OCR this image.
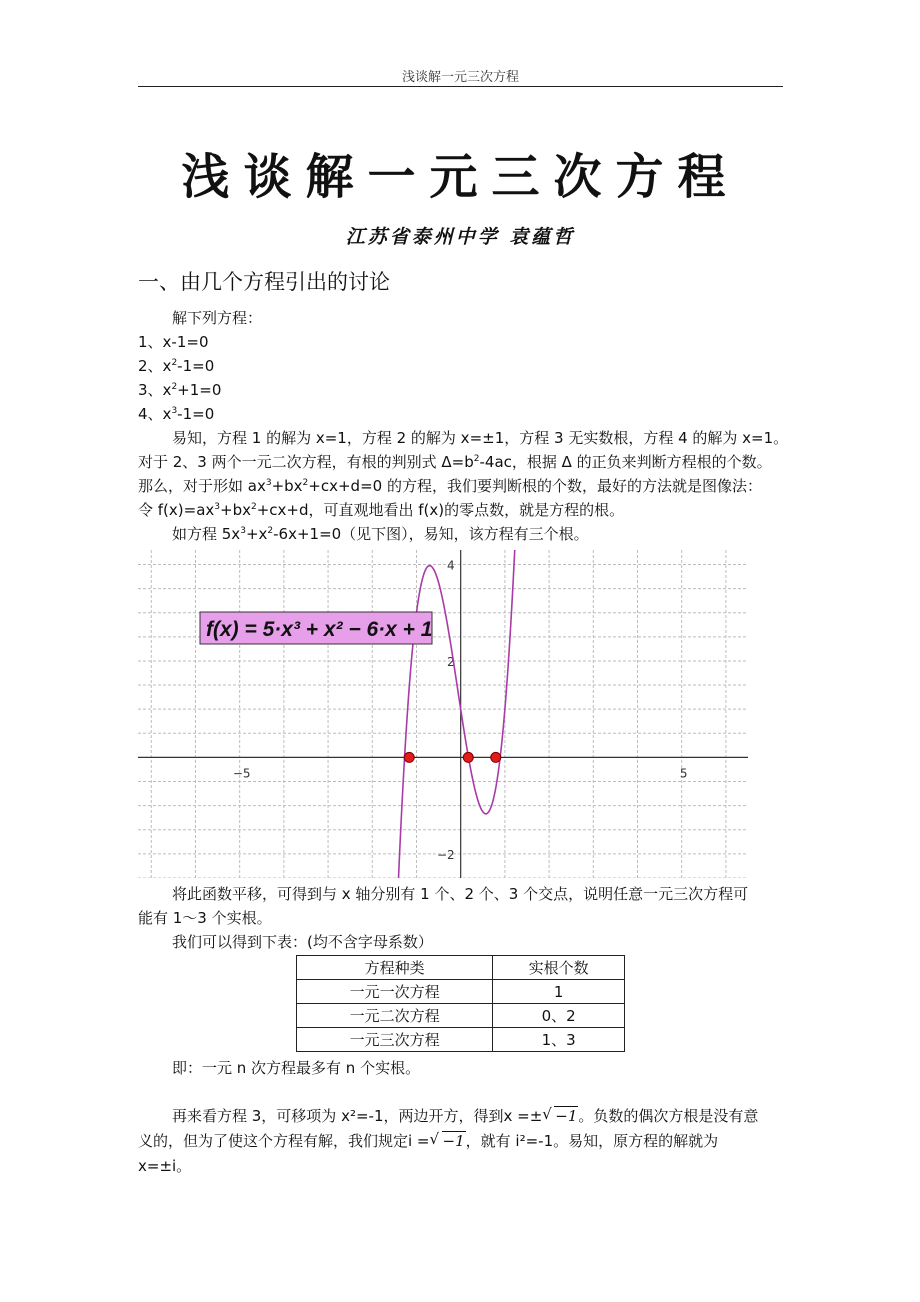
浅谈解一元三次方程
浅谈解一元三次方程
江苏省泰州中学 袁蕴哲
一、由几个方程引出的讨论
解下列方程：
1、x-1=0
2、$x^2-1=0$
3、$x^2+1=0$
4、$x^3-1=0$
易知，方程 1 的解为 x=1，方程 2 的解为 x=±1，方程 3 无实数根，方程 4 的解为 x=1。
对于 2、3 两个一元二次方程，有根的判别式 $\Delta=b^2-4ac$，根据 Δ 的正负来判断方程根的个数。
那么，对于形如 $ax^3+bx^2+cx+d=0$ 的方程，我们要判断根的个数，最好的方法就是图像法：
令 $f(x)=ax^3+bx^2+cx+d$，可直观地看出 f(x)的零点数，就是方程的根。
如方程 $5x^3+x^2-6x+1=0$（见下图），易知，该方程有三个根。
−5	5
4
2
−2
f(x) = 5·x³ + x² − 6·x + 1
将此函数平移，可得到与 x 轴分别有 1 个、2 个、3 个交点，说明任意一元三次方程可
能有 1～3 个实根。
我们可以得到下表：(均不含字母系数）
方程种类	实根个数
一元一次方程	1
一元二次方程	0、2
一元三次方程	1、3
即：一元 n 次方程最多有 n 个实根。
再来看方程 3，可移项为 x²=-1，两边开方，得到x =± √ −1。负数的偶次方根是没有意
义的，但为了使这个方程有解，我们规定i = √ −1，就有 i²=-1。易知，原方程的解就为
x=±i。
